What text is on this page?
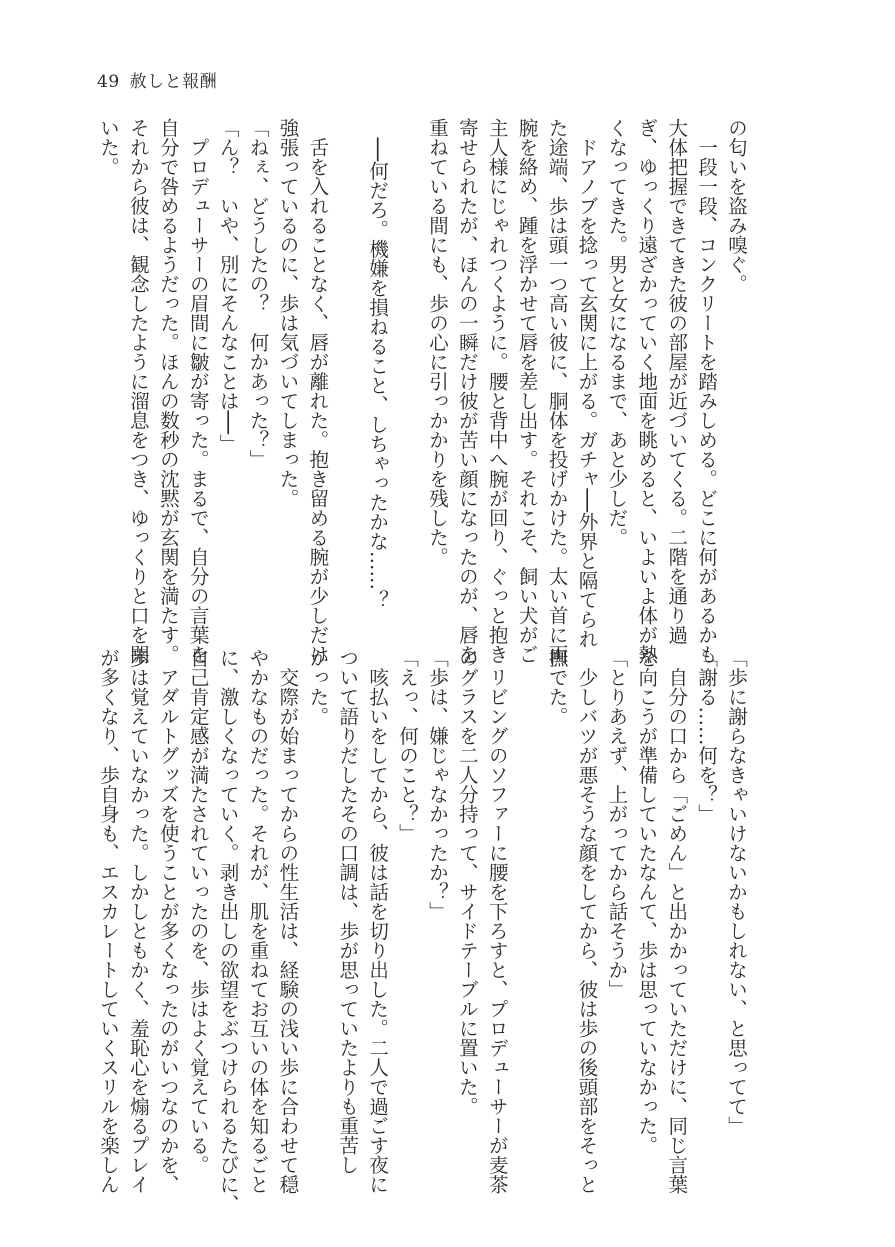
49 赦しと報酬
の匂いを盗み嗅ぐ。
　一段一段、コンクリートを踏みしめる。どこに何があるかも
大体把握できてきた彼の部屋が近づいてくる。二階を通り過
ぎ、ゆっくり遠ざかっていく地面を眺めると、いよいよ体が熱
くなってきた。男と女になるまで、あと少しだ。
　ドアノブを捻って玄関に上がる。ガチャ──外界と隔てられ
た途端、歩は頭一つ高い彼に、胴体を投げかけた。太い首に両
腕を絡め、踵を浮かせて唇を差し出す。それこそ、飼い犬がご
主人様にじゃれつくように。腰と背中へ腕が回り、ぐっと抱き
寄せられたが、ほんの一瞬だけ彼が苦い顔になったのが、唇を
重ねている間にも、歩の心に引っかかりを残した。
　──何だろ。機嫌を損ねること、しちゃったかな……？
　舌を入れることなく、唇が離れた。抱き留める腕が少しだけ
強張っているのに、歩は気づいてしまった。
「ねぇ、どうしたの？　何かあった？」
「ん？　いや、別にそんなことは──」
　プロデューサーの眉間に皺が寄った。まるで、自分の言葉を
自分で咎めるようだった。ほんの数秒の沈黙が玄関を満たす。
それから彼は、観念したように溜息をつき、ゆっくりと口を開
いた。
「歩に謝らなきゃいけないかもしれない、と思ってて」
「謝る……何を？」
　自分の口から「ごめん」と出かかっていただけに、同じ言葉
を向こうが準備していたなんて、歩は思っていなかった。
「とりあえず、上がってから話そうか」
　少しバツが悪そうな顔をしてから、彼は歩の後頭部をそっと
撫でた。
　リビングのソファーに腰を下ろすと、プロデューサーが麦茶
のグラスを二人分持って、サイドテーブルに置いた。
「歩は、嫌じゃなかったか？」
「えっ、何のこと？」
　咳払いをしてから、彼は話を切り出した。二人で過ごす夜に
ついて語りだしたその口調は、歩が思っていたよりも重苦し
かった。
　交際が始まってからの性生活は、経験の浅い歩に合わせて穏
やかなものだった。それが、肌を重ねてお互いの体を知るごと
に、激しくなっていく。剥き出しの欲望をぶつけられるたびに、
自己肯定感が満たされていったのを、歩はよく覚えている。
　アダルトグッズを使うことが多くなったのがいつなのかを、
歩は覚えていなかった。しかしともかく、羞恥心を煽るプレイ
が多くなり、歩自身も、エスカレートしていくスリルを楽しん
